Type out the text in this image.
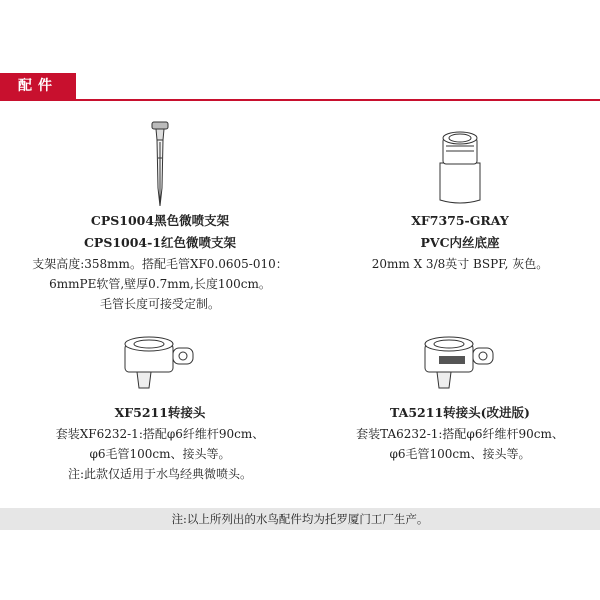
配件
CPS1004黑色微喷支架
CPS1004-1红色微喷支架
支架高度:358mm。搭配毛管XF0.0605-010：
6mmPE软管,壁厚0.7mm,长度100cm。
毛管长度可接受定制。
XF7375-GRAY
PVC内丝底座
20mm X 3/8英寸 BSPF, 灰色。
XF5211转接头
套装XF6232-1:搭配φ6纤维杆90cm、
φ6毛管100cm、接头等。
注:此款仅适用于水鸟经典微喷头。
TA5211转接头(改进版)
套装TA6232-1:搭配φ6纤维杆90cm、
φ6毛管100cm、接头等。
注:以上所列出的水鸟配件均为托罗厦门工厂生产。
